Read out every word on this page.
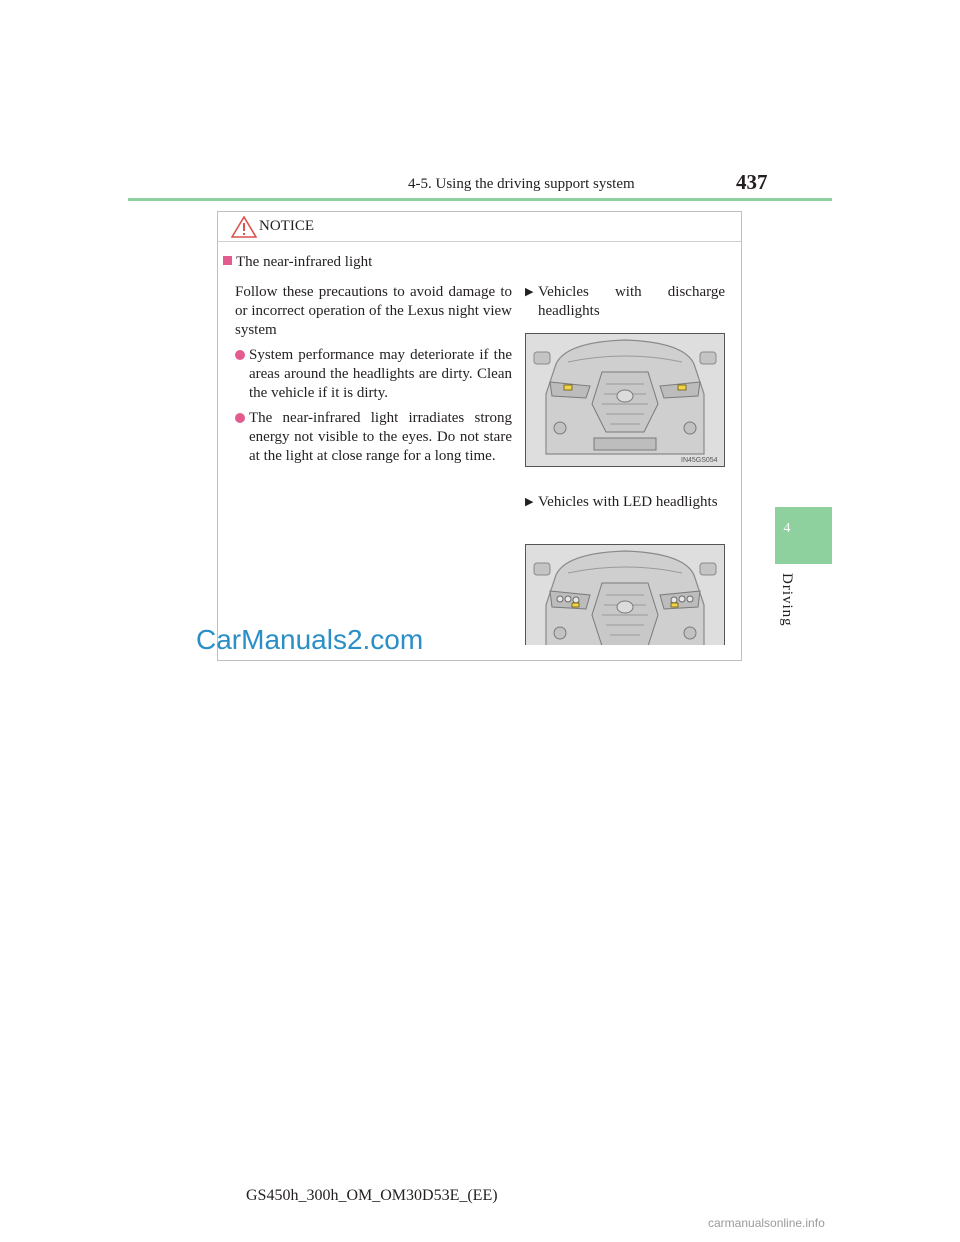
4-5. Using the driving support system	437
4
Driving
NOTICE
The near-infrared light

Follow these precautions to avoid damage to or incorrect operation of the Lexus night view system

System performance may deteriorate if the areas around the headlights are dirty. Clean the vehicle if it is dirty.

The near-infrared light irradiates strong energy not visible to the eyes. Do not stare at the light at close range for a long time.

▶ Vehicles with discharge headlights
IN45GS054
▶ Vehicles with LED headlights
CarManuals2.com
GS450h_300h_OM_OM30D53E_(EE)
carmanualsonline.info
